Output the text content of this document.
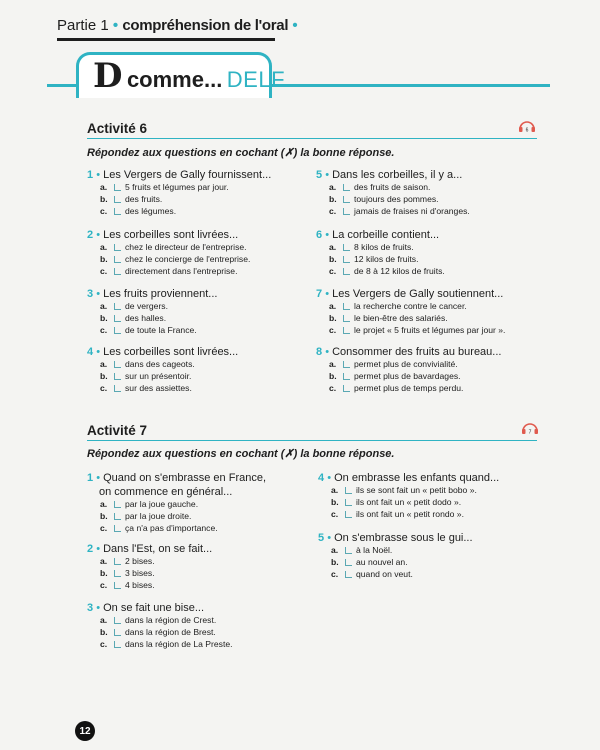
Partie 1 • compréhension de l'oral •
D comme... DELF
Activité 6	6
Répondez aux questions en cochant (✗) la bonne réponse.
1 • Les Vergers de Gally fournissent...
a.	5 fruits et légumes par jour.
b.	des fruits.
c.	des légumes.
2 • Les corbeilles sont livrées...
a.	chez le directeur de l'entreprise.
b.	chez le concierge de l'entreprise.
c.	directement dans l'entreprise.
3 • Les fruits proviennent...
a.	de vergers.
b.	des halles.
c.	de toute la France.
4 • Les corbeilles sont livrées...
a.	dans des cageots.
b.	sur un présentoir.
c.	sur des assiettes.
5 • Dans les corbeilles, il y a...
a.	des fruits de saison.
b.	toujours des pommes.
c.	jamais de fraises ni d'oranges.
6 • La corbeille contient...
a.	8 kilos de fruits.
b.	12 kilos de fruits.
c.	de 8 à 12 kilos de fruits.
7 • Les Vergers de Gally soutiennent...
a.	la recherche contre le cancer.
b.	le bien-être des salariés.
c.	le projet « 5 fruits et légumes par jour ».
8 • Consommer des fruits au bureau...
a.	permet plus de convivialité.
b.	permet plus de bavardages.
c.	permet plus de temps perdu.
Activité 7	7
Répondez aux questions en cochant (✗) la bonne réponse.
1 • Quand on s'embrasse en France,
on commence en général...
a.	par la joue gauche.
b.	par la joue droite.
c.	ça n'a pas d'importance.
2 • Dans l'Est, on se fait...
a.	2 bises.
b.	3 bises.
c.	4 bises.
3 • On se fait une bise...
a.	dans la région de Crest.
b.	dans la région de Brest.
c.	dans la région de La Preste.
4 • On embrasse les enfants quand...
a.	ils se sont fait un « petit bobo ».
b.	ils ont fait un « petit dodo ».
c.	ils ont fait un « petit rondo ».
5 • On s'embrasse sous le gui...
a.	à la Noël.
b.	au nouvel an.
c.	quand on veut.
12
